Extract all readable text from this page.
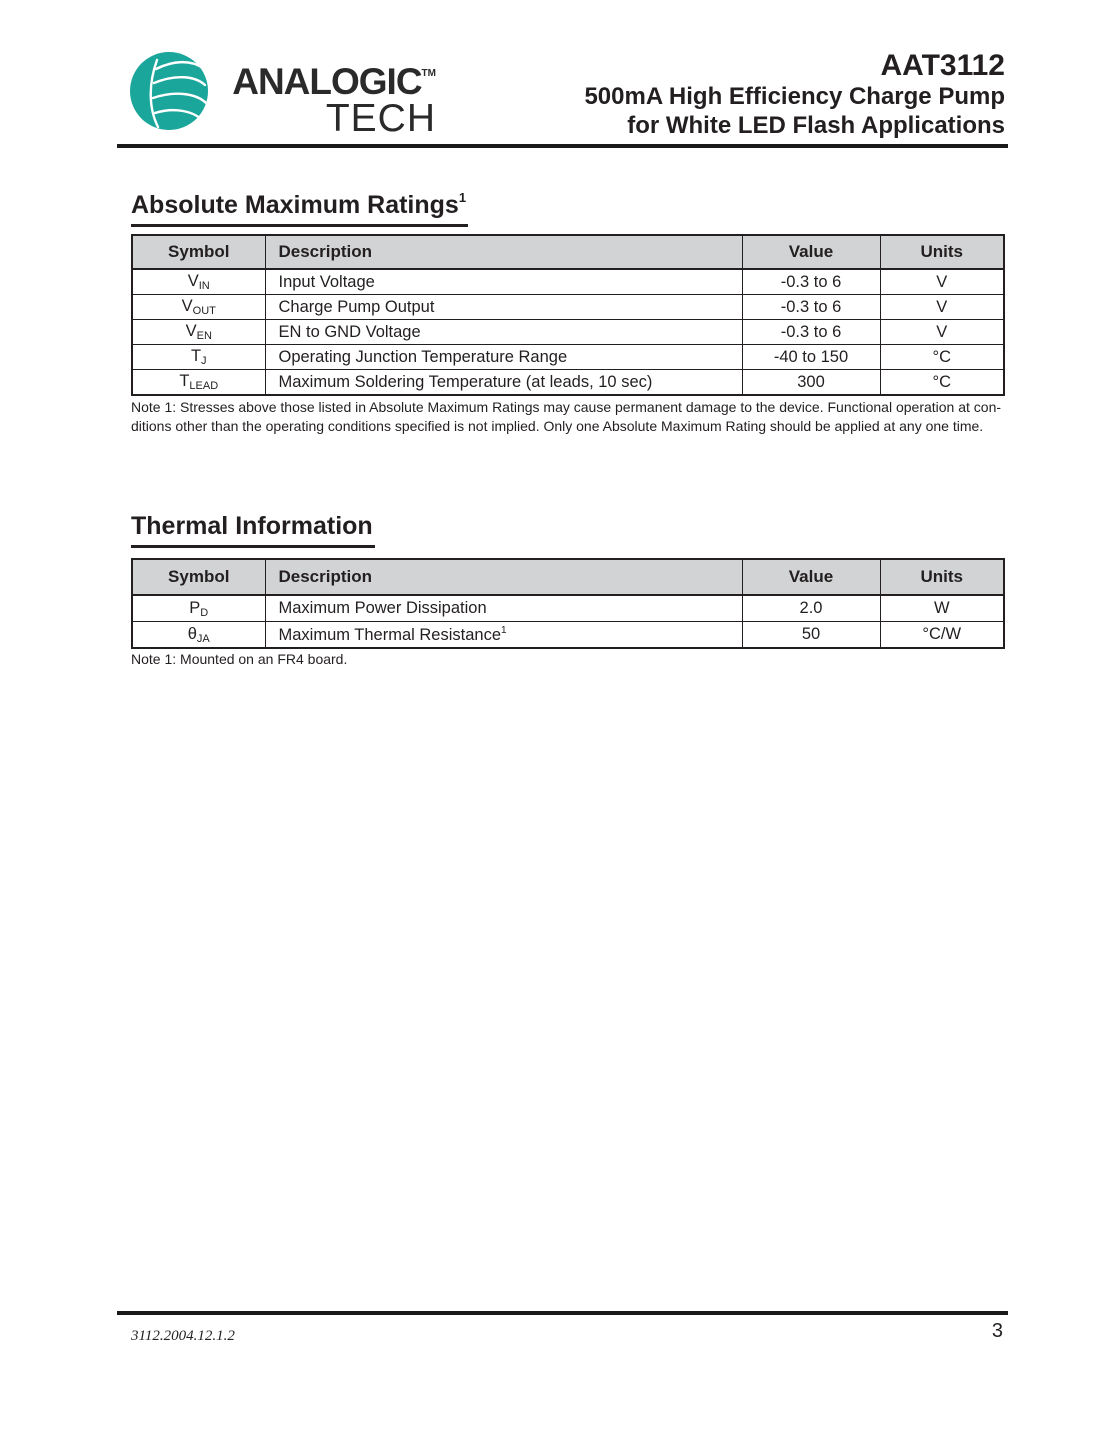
ANALOGIC™
TECH
AAT3112
500mA High Efficiency Charge Pump
for White LED Flash Applications
Absolute Maximum Ratings$^1$
Symbol	Description	Value	Units
$V_{IN}$	Input Voltage	-0.3 to 6	V
$V_{OUT}$	Charge Pump Output	-0.3 to 6	V
$V_{EN}$	EN to GND Voltage	-0.3 to 6	V
$T_J$	Operating Junction Temperature Range	-40 to 150	°C
$T_{LEAD}$	Maximum Soldering Temperature (at leads, 10 sec)	300	°C
Note 1: Stresses above those listed in Absolute Maximum Ratings may cause permanent damage to the device. Functional operation at con-
ditions other than the operating conditions specified is not implied. Only one Absolute Maximum Rating should be applied at any one time.
Thermal Information
Symbol	Description	Value	Units
$P_D$	Maximum Power Dissipation	2.0	W
$\theta_{JA}$	Maximum Thermal Resistance$^1$	50	°C/W
Note 1: Mounted on an FR4 board.
3112.2004.12.1.2	3
